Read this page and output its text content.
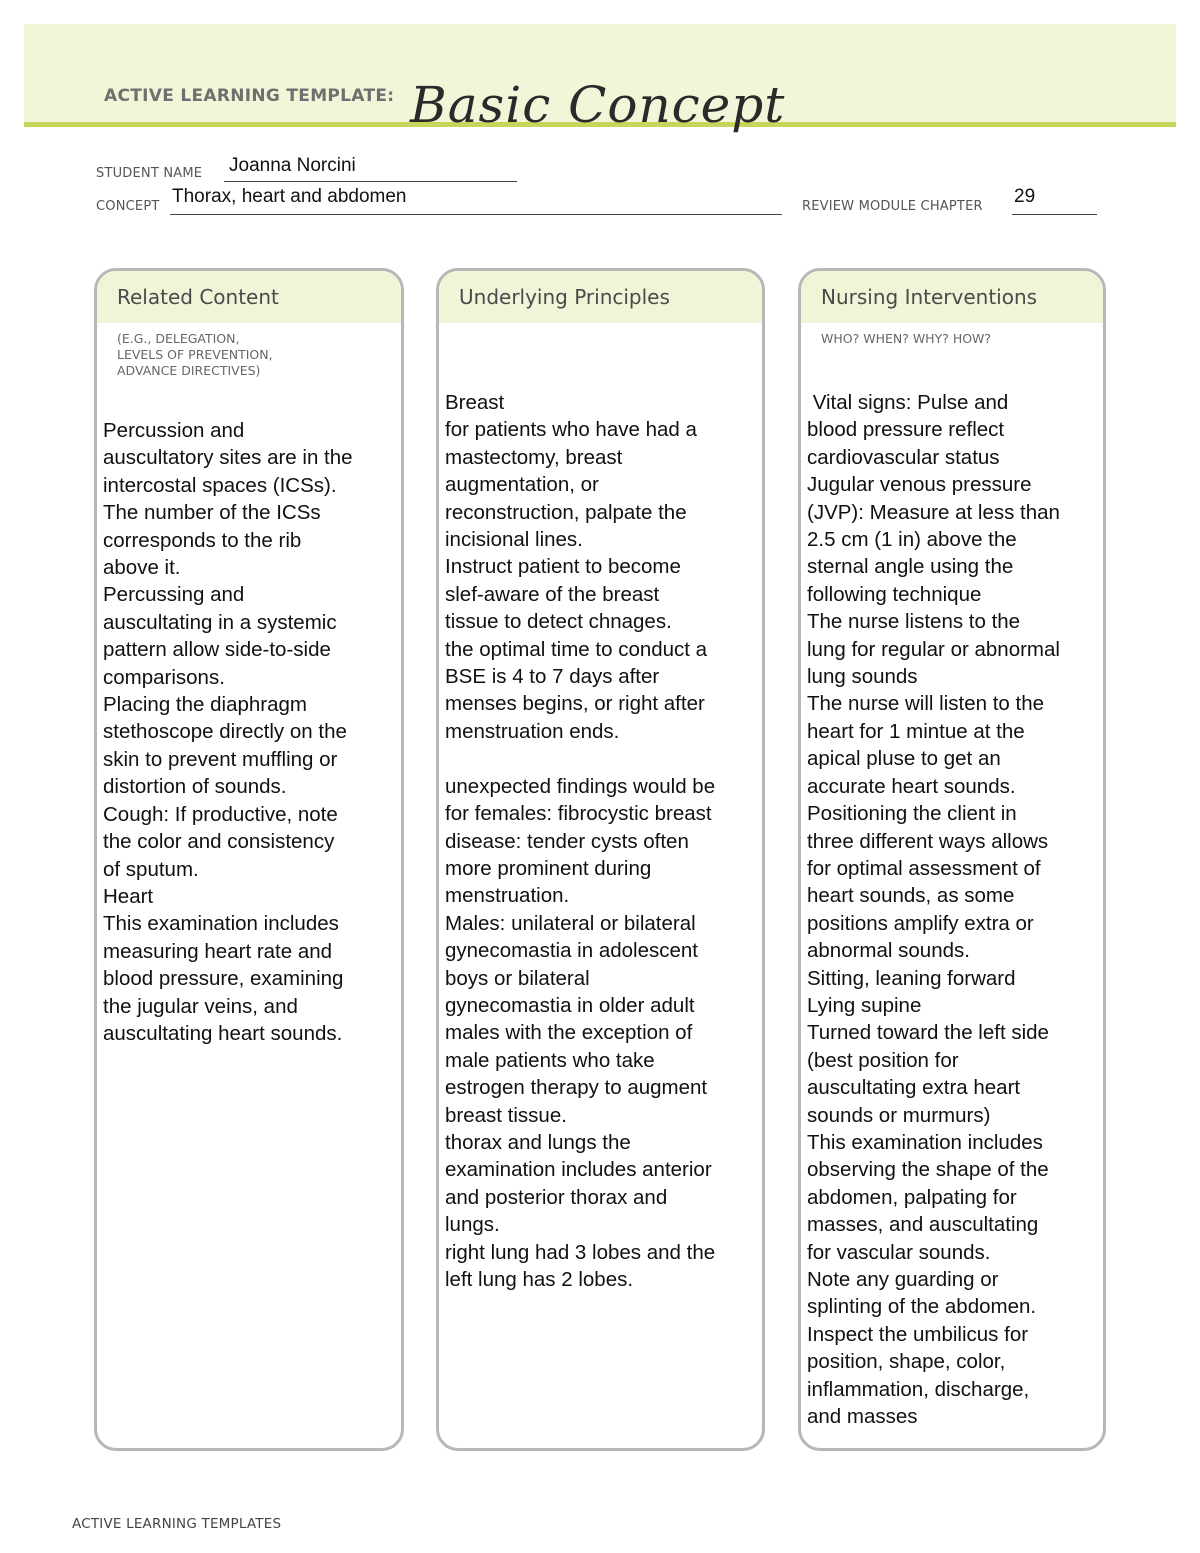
ACTIVE LEARNING TEMPLATE: Basic Concept
STUDENT NAME Joanna Norcini
CONCEPT Thorax, heart and abdomen	REVIEW MODULE CHAPTER 29
Related Content
(E.G., DELEGATION,
LEVELS OF PREVENTION,
ADVANCE DIRECTIVES)
Percussion and
auscultatory sites are in the
intercostal spaces (ICSs).
The number of the ICSs
corresponds to the rib
above it.
Percussing and
auscultating in a systemic
pattern allow side-to-side
comparisons.
Placing the diaphragm
stethoscope directly on the
skin to prevent muffling or
distortion of sounds.
Cough: If productive, note
the color and consistency
of sputum.
Heart
This examination includes
measuring heart rate and
blood pressure, examining
the jugular veins, and
auscultating heart sounds.
Underlying Principles
Breast
for patients who have had a
mastectomy, breast
augmentation, or
reconstruction, palpate the
incisional lines.
Instruct patient to become
slef-aware of the breast
tissue to detect chnages.
the optimal time to conduct a
BSE is 4 to 7 days after
menses begins, or right after
menstruation ends.

unexpected findings would be
for females: fibrocystic breast
disease: tender cysts often
more prominent during
menstruation.
Males: unilateral or bilateral
gynecomastia in adolescent
boys or bilateral
gynecomastia in older adult
males with the exception of
male patients who take
estrogen therapy to augment
breast tissue.
thorax and lungs the
examination includes anterior
and posterior thorax and
lungs.
right lung had 3 lobes and the
left lung has 2 lobes.
Nursing Interventions
WHO? WHEN? WHY? HOW?
Vital signs: Pulse and
blood pressure reflect
cardiovascular status
Jugular venous pressure
(JVP): Measure at less than
2.5 cm (1 in) above the
sternal angle using the
following technique
The nurse listens to the
lung for regular or abnormal
lung sounds
The nurse will listen to the
heart for 1 mintue at the
apical pluse to get an
accurate heart sounds.
Positioning the client in
three different ways allows
for optimal assessment of
heart sounds, as some
positions amplify extra or
abnormal sounds.
Sitting, leaning forward
Lying supine
Turned toward the left side
(best position for
auscultating extra heart
sounds or murmurs)
This examination includes
observing the shape of the
abdomen, palpating for
masses, and auscultating
for vascular sounds.
Note any guarding or
splinting of the abdomen.
Inspect the umbilicus for
position, shape, color,
inflammation, discharge,
and masses
ACTIVE LEARNING TEMPLATES
